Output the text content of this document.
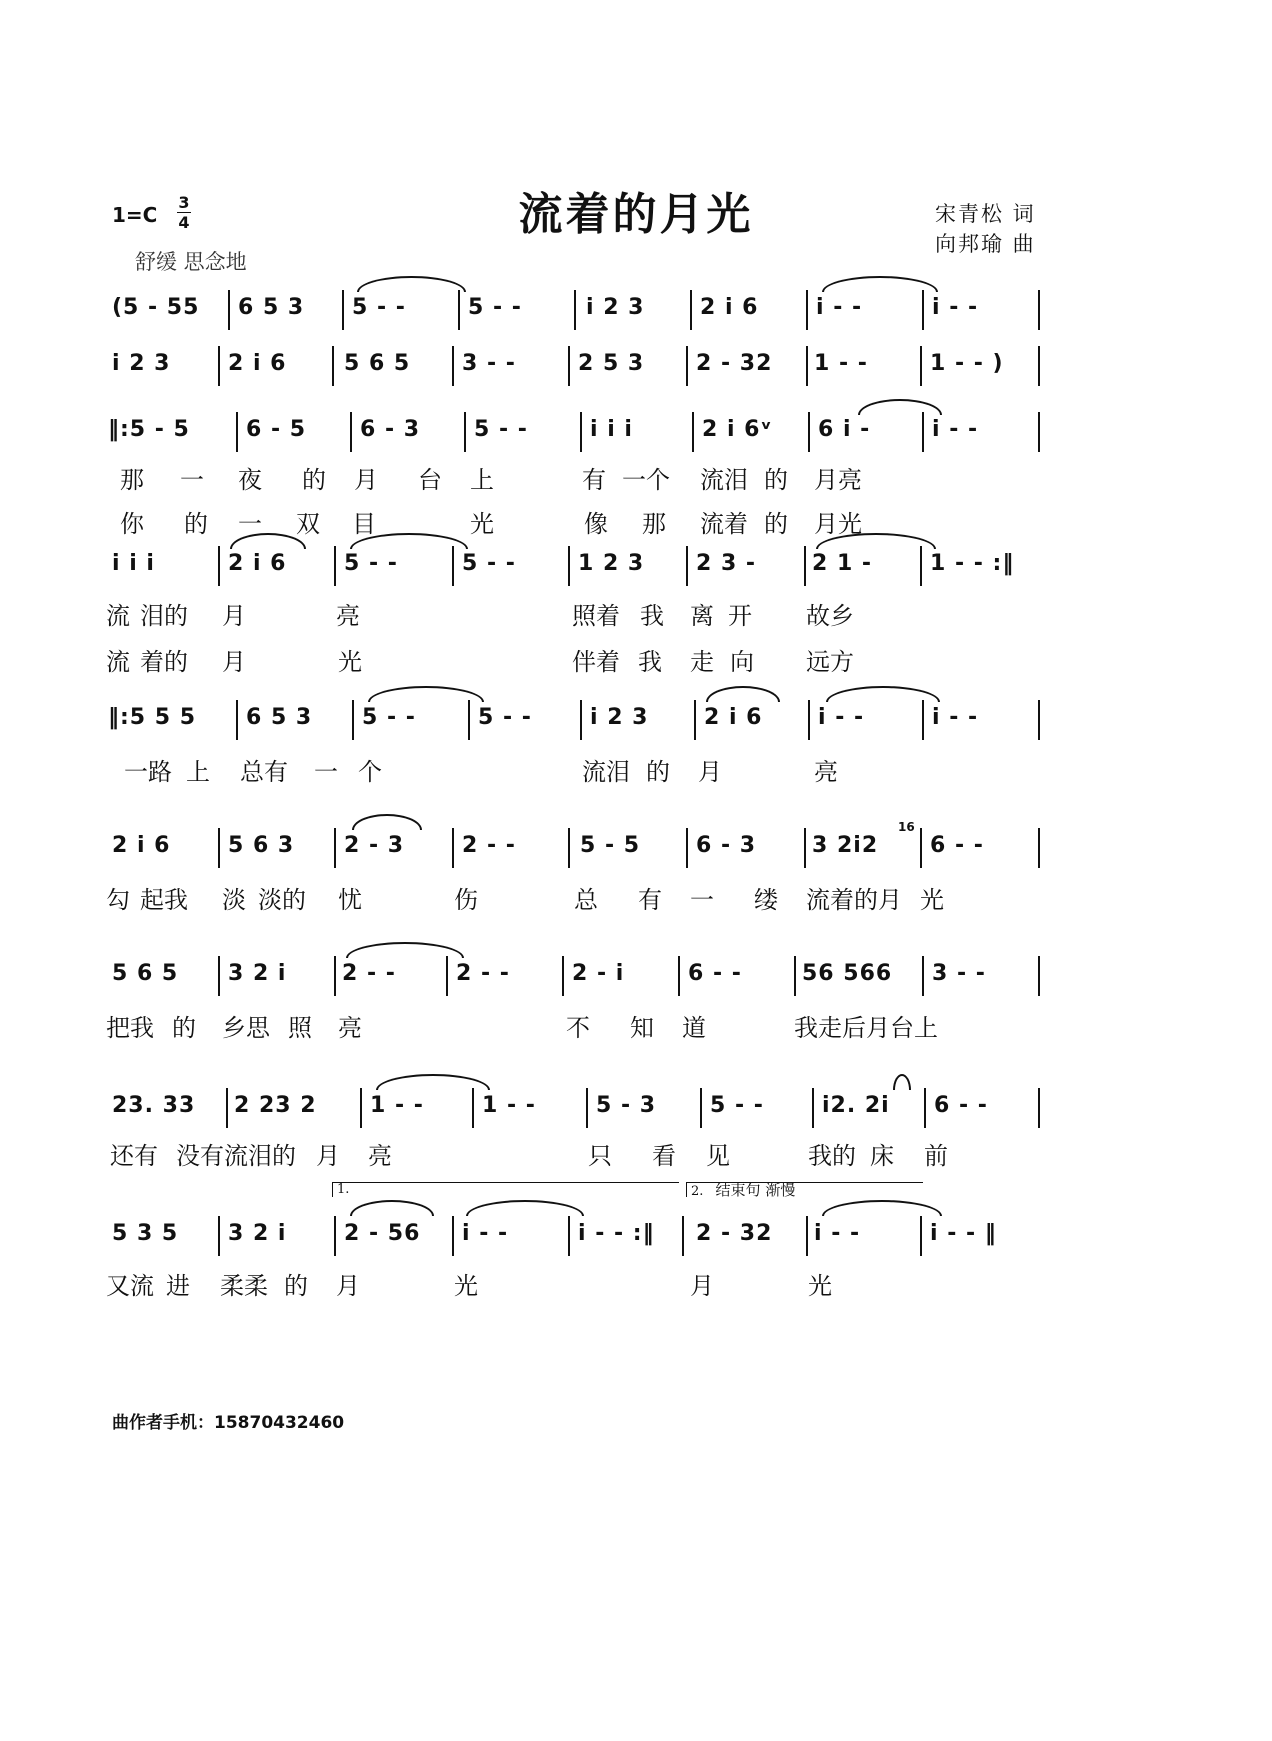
流着的月光	宋青松 词
向邦瑜 曲
1=C
3
4
舒缓 思念地
1.	2. 结束句 渐慢
16
(5 - 55 6 5 3 5 - -	5 - -	i 2 3	2 i 6	i - -	i - -
i 2 3	2 i 6	5 6 5 3 - -	2 5 3 2 - 32 1 - -	1 - - )
‖:5 - 5	6 - 5 6 - 3 5 - -	i i i	2 i 6ᵛ 6 i -	i - -
那 一 夜 的 月 台 上	有 一个 流泪 的 月亮
你 的 一 双 目	光	像 那 流着 的 月光
i i i	2 i 6	5 - -	5 - -	1 2 3 2 3 -	2 1 -	1 - - :‖
流 泪的 月	亮	照着 我 离 开 故乡
流 着的 月	光	伴着 我 走 向 远方
‖:5 5 5 6 5 3 5 - -	5 - -	i 2 3	2 i 6	i - -	i - -
一路 上 总有 一 个	流泪 的 月	亮
2 i 6	5 6 3 2 - 3	2 - -	5 - 5	6 - 3	3 2i2 6 - -
勾 起我 淡 淡的 忧	伤	总 有 一 缕 流着的月 光
5 6 5 3 2 i	2 - -	2 - -	2 - i	6 - -	56 566 3 - -
把我 的 乡思 照 亮	不 知 道	我走后月台上
23. 33 2 23 2 1 - -	1 - -	5 - 3 5 - -	i2. 2i 6 - -
还有 没有流泪的 月 亮	只 看 见	我的 床 前
5 3 5 3 2 i	2 - 56 i - -	i - - :‖ 2 - 32 i - -	i - - ‖
又流 进 柔柔 的 月	光	月	光
曲作者手机：15870432460
